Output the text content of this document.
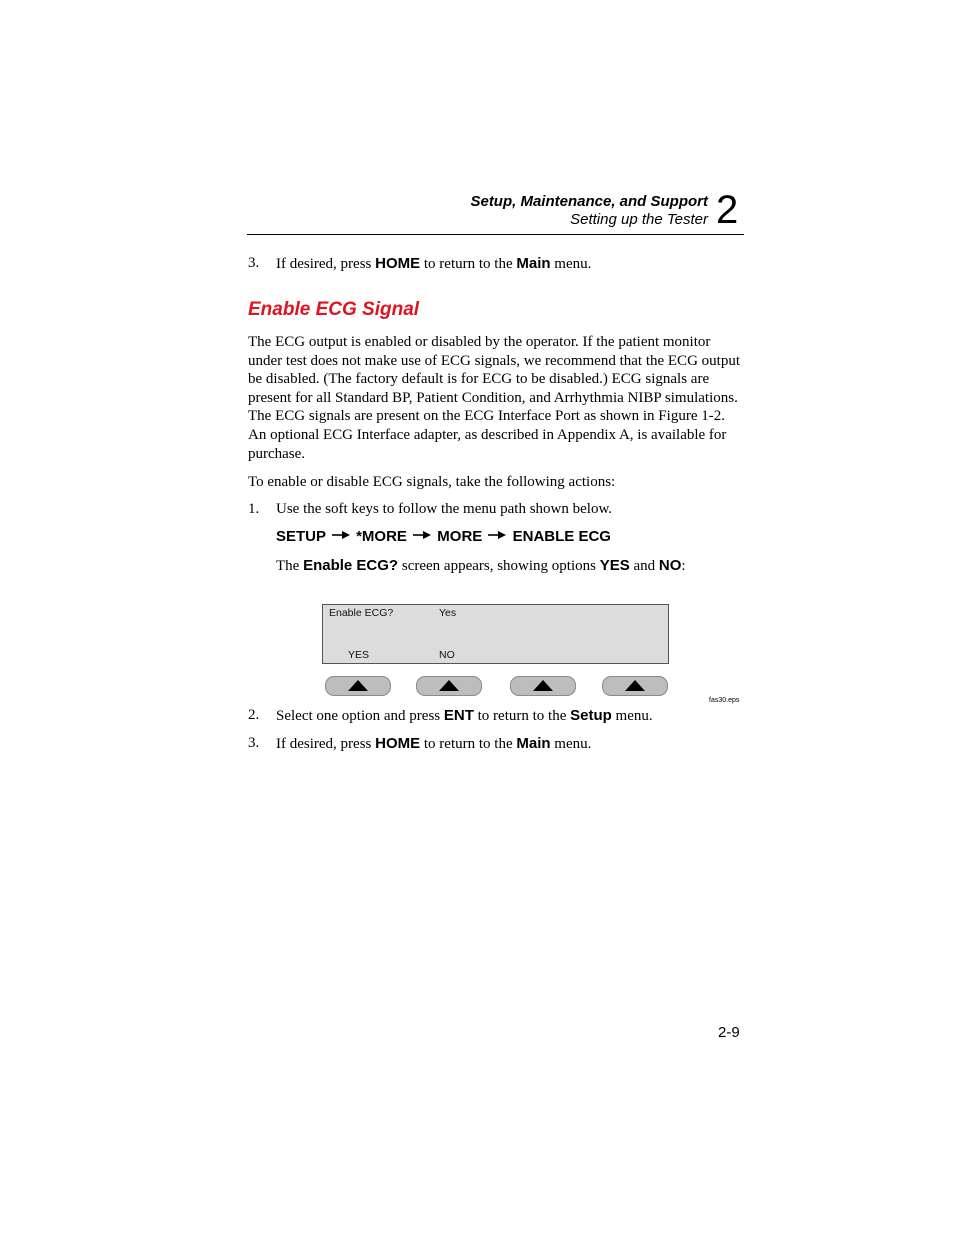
Setup, Maintenance, and Support
Setting up the Tester 2
3. If desired, press HOME to return to the Main menu.
Enable ECG Signal
The ECG output is enabled or disabled by the operator. If the patient monitor under test does not make use of ECG signals, we recommend that the ECG output be disabled. (The factory default is for ECG to be disabled.) ECG signals are present for all Standard BP, Patient Condition, and Arrhythmia NIBP simulations. The ECG signals are present on the ECG Interface Port as shown in Figure 1-2. An optional ECG Interface adapter, as described in Appendix A, is available for purchase.
To enable or disable ECG signals, take the following actions:
1. Use the soft keys to follow the menu path shown below.
SETUP *MORE MORE ENABLE ECG
The Enable ECG? screen appears, showing options YES and NO:
Enable ECG?	Yes
YES	NO
fas30.eps
2. Select one option and press ENT to return to the Setup menu.
3. If desired, press HOME to return to the Main menu.
2-9
